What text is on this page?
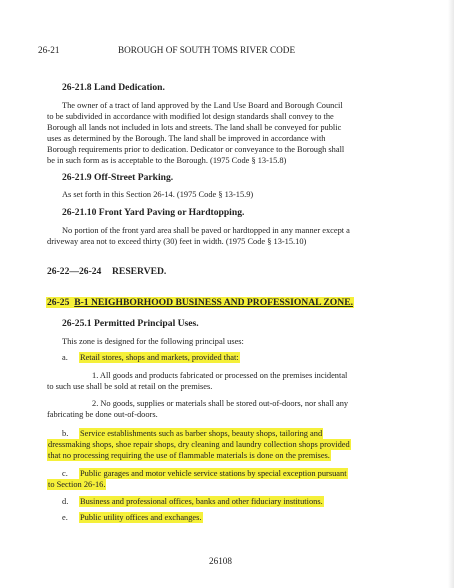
26-21	BOROUGH OF SOUTH TOMS RIVER CODE
26-21.8 Land Dedication.
The owner of a tract of land approved by the Land Use Board and Borough Council
to be subdivided in accordance with modified lot design standards shall convey to the
Borough all lands not included in lots and streets. The land shall be conveyed for public
uses as determined by the Borough. The land shall be improved in accordance with
Borough requirements prior to dedication. Dedicator or conveyance to the Borough shall
be in such form as is acceptable to the Borough. (1975 Code § 13-15.8)
26-21.9 Off-Street Parking.
As set forth in this Section 26-14. (1975 Code § 13-15.9)
26-21.10 Front Yard Paving or Hardtopping.
No portion of the front yard area shall be paved or hardtopped in any manner except a
driveway area not to exceed thirty (30) feet in width. (1975 Code § 13-15.10)
26-22—26-24 RESERVED.
26-25 B-1 NEIGHBORHOOD BUSINESS AND PROFESSIONAL ZONE.
26-25.1 Permitted Principal Uses.
This zone is designed for the following principal uses:
a. Retail stores, shops and markets, provided that:
1. All goods and products fabricated or processed on the premises incidental
to such use shall be sold at retail on the premises.
2. No goods, supplies or materials shall be stored out-of-doors, nor shall any
fabricating be done out-of-doors.
b. Service establishments such as barber shops, beauty shops, tailoring and
dressmaking shops, shoe repair shops, dry cleaning and laundry collection shops provided
that no processing requiring the use of flammable materials is done on the premises.
c. Public garages and motor vehicle service stations by special exception pursuant
to Section 26-16.
d. Business and professional offices, banks and other fiduciary institutions.
e. Public utility offices and exchanges.
26108
